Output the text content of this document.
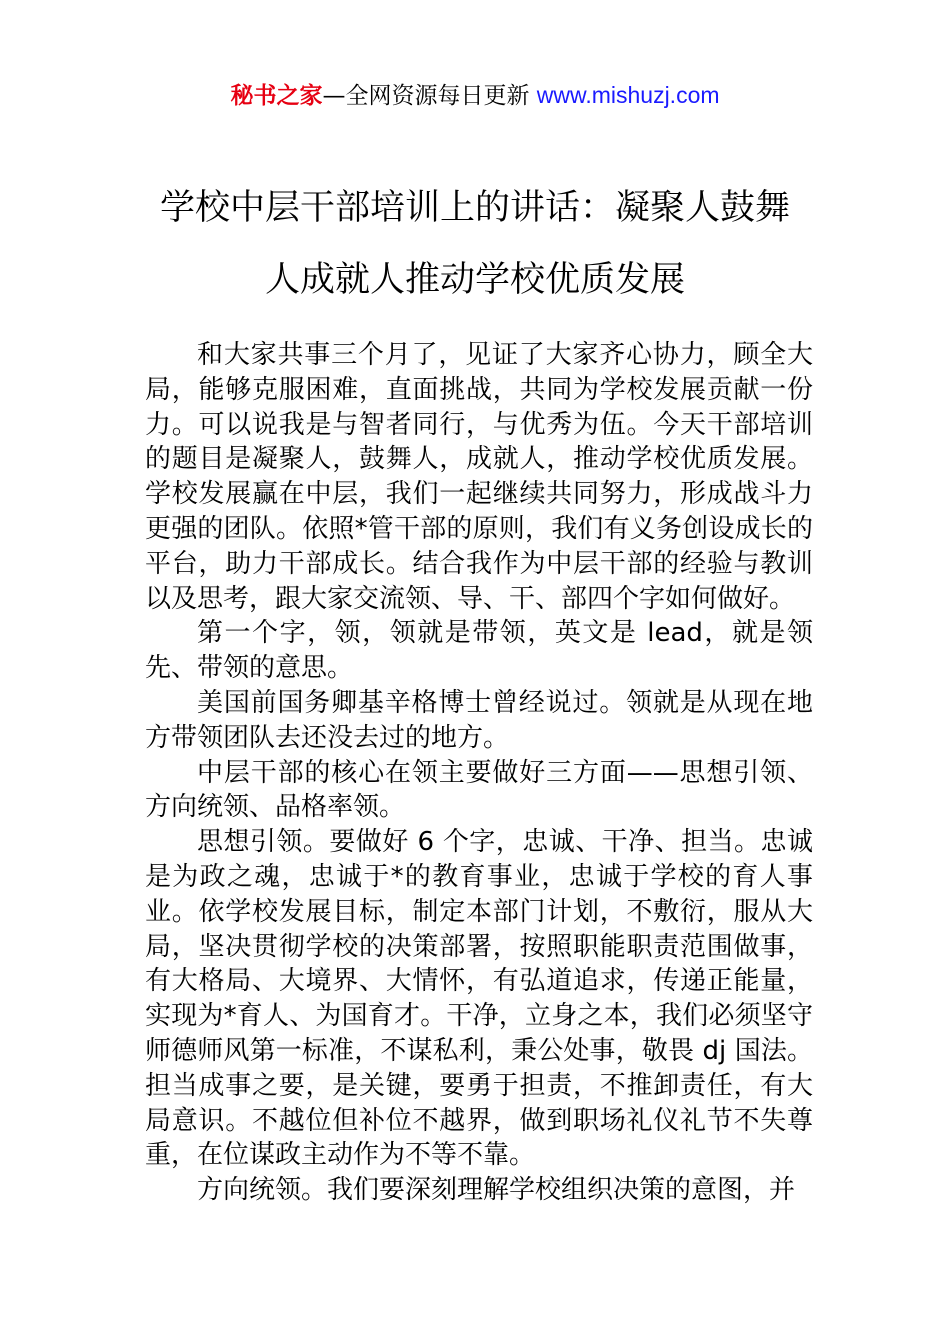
秘书之家—全网资源每日更新 www.mishuzj.com
学校中层干部培训上的讲话：凝聚人鼓舞
人成就人推动学校优质发展

和大家共事三个月了，见证了大家齐心协力，顾全大局，能够克服困难，直面挑战，共同为学校发展贡献一份力。可以说我是与智者同行，与优秀为伍。今天干部培训的题目是凝聚人，鼓舞人，成就人，推动学校优质发展。学校发展赢在中层，我们一起继续共同努力，形成战斗力更强的团队。依照*管干部的原则，我们有义务创设成长的平台，助力干部成长。结合我作为中层干部的经验与教训以及思考，跟大家交流领、导、干、部四个字如何做好。

第一个字，领，领就是带领，英文是 lead，就是领先、带领的意思。

美国前国务卿基辛格博士曾经说过。领就是从现在地方带领团队去还没去过的地方。

中层干部的核心在领主要做好三方面——思想引领、方向统领、品格率领。

思想引领。要做好 6 个字，忠诚、干净、担当。忠诚是为政之魂，忠诚于*的教育事业，忠诚于学校的育人事业。依学校发展目标，制定本部门计划，不敷衍，服从大局，坚决贯彻学校的决策部署，按照职能职责范围做事，有大格局、大境界、大情怀，有弘道追求，传递正能量，实现为*育人、为国育才。干净，立身之本，我们必须坚守师德师风第一标准，不谋私利，秉公处事，敬畏 dj 国法。担当成事之要，是关键，要勇于担责，不推卸责任，有大局意识。不越位但补位不越界，做到职场礼仪礼节不失尊重，在位谋政主动作为不等不靠。

方向统领。我们要深刻理解学校组织决策的意图，并
